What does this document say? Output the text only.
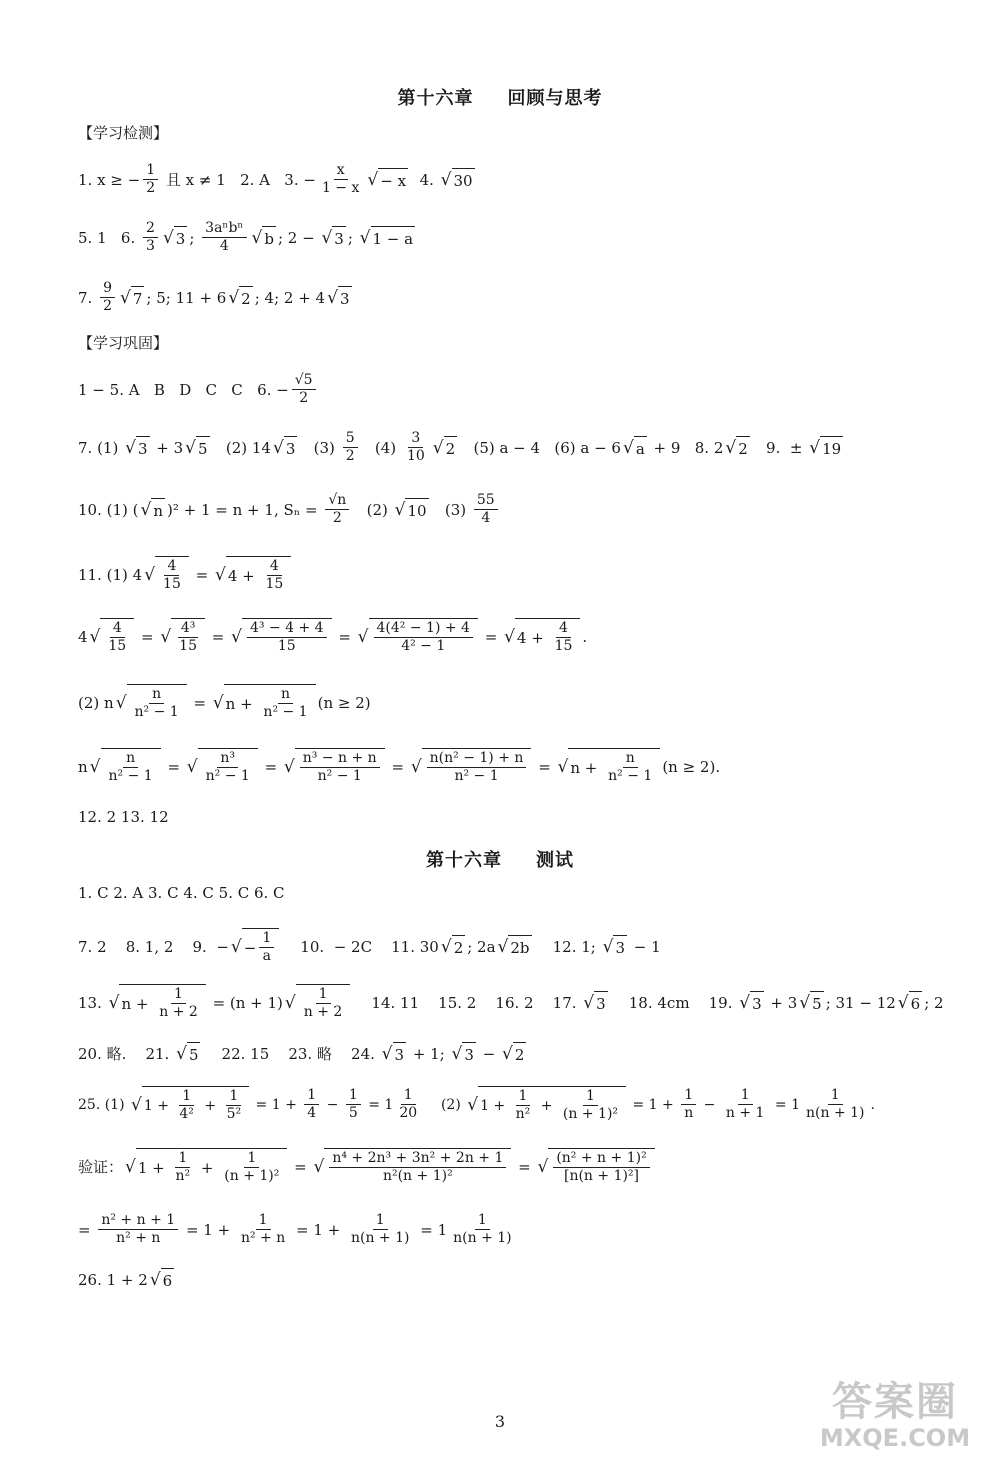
第十六章 回顾与思考
【学习检测】
1. x ≥ − $\frac{1}{2}$ 且 x ≠ 1   2. A   3. − $\frac{x}{1 - x}$ √ − x 4. √ 30
5. 1   6. $\frac{2}{3}$ √ 3 ; $\frac{\text{3aⁿbⁿ}}{4}$ √ b ; 2 − √ 3 ; √ 1 − a
7. $\frac{9}{2}$ √ 7 ; 5; 11 + 6 √ 2 ; 4; 2 + 4 √ 3
【学习巩固】
1 − 5. A   B   D   C   C   6. − $\frac{√5}{2}$
7. (1) √ 3 + 3 √ 5 (2) 14 √ 3 $(3) \frac{5}{2} (4) \frac{3}{10}$ √ 2 (5) a − 4   (6) a − 6 √ a + 9   8. 2 √ 2 9.  ± √ 19
10. (1) ( √ n )² + 1 = n + 1, $S_n = \frac{√n}{2} (2)$ √ 10 $(3) \frac{55}{4}$
11. (1) 4 √ $\frac{4}{15}$ = √ $4 + \frac{4}{15}$
4 √ $\frac{4}{15}$ = √ $\frac{\text{4³}}{15}$ = √ $\frac{\text{4³ − 4 + 4}}{15}$ = √ $\frac{\text{4(4² − 1) + 4}}{\text{4² − 1}}$ = √ $4 + \frac{4}{15}$ .
(2) n √ $\frac{n}{\text{n² − 1}}$ = √ $n + \frac{n}{\text{n² − 1}} (n \ge 2)$
n √ $\frac{n}{\text{n² − 1}}$ = √ $\frac{\text{n³}}{\text{n² − 1}}$ = √ $\frac{\text{n³ − n + n}}{\text{n² − 1}}$ = √ $\frac{\text{n(n² − 1) + n}}{\text{n² − 1}}$ = √ $n + \frac{n}{\text{n² − 1}} (n \ge 2)$.
12. 2 13. 12
第十六章 测试
1. C 2. A 3. C 4. C 5. C 6. C
7. 2    8. 1, 2    9.  − √ − $\frac{1}{a} 10$.  − 2C    11. 30 √ 2 ; 2a √ 2b 12. 1; √ 3 − 1
13. √ $n + \frac{1}{n + 2} = (n + 1)$ √ $\frac{1}{n + 2} 14$. 11    15. 2    16. 2    17. √ 3 18. 4cm    19. √ 3 + 3 √ 5 ; 31 − 12 √ 6 ; 2
20. 略.    21. √ 5 22. 15    23. 略    24. √ 3 + 1; √ 3 − √ 2
25. (1) √ $1 + \frac{1}{\text{4²}} + \frac{1}{\text{5²}} = 1 + \frac{1}{4} - \frac{1}{5} = 1 \frac{1}{20} (2)$ √ $1 + \frac{1}{\text{n²}} + \frac{1}{\text{(n + 1)²}} = 1 + \frac{1}{n} - \frac{1}{n + 1} = 1 \frac{1}{n(n + 1)}$ .
验证： √ $1 + \frac{1}{\text{n²}} + \frac{1}{\text{(n + 1)²}}$ = √ $\frac{\text{n⁴ + 2n³ + 3n² + 2n + 1}}{\text{n²(n + 1)²}}$ = √ $\frac{\text{(n² + n + 1)²}}{\text{[n(n + 1)²]}}$
= $\frac{\text{n² + n + 1}}{\text{n² + n}} = 1 + \frac{1}{\text{n² + n}} = 1 + \frac{1}{n(n + 1)} = 1 \frac{1}{n(n + 1)}$
26. 1 + 2 √ 6
3	答案圈
MXQE.COM
